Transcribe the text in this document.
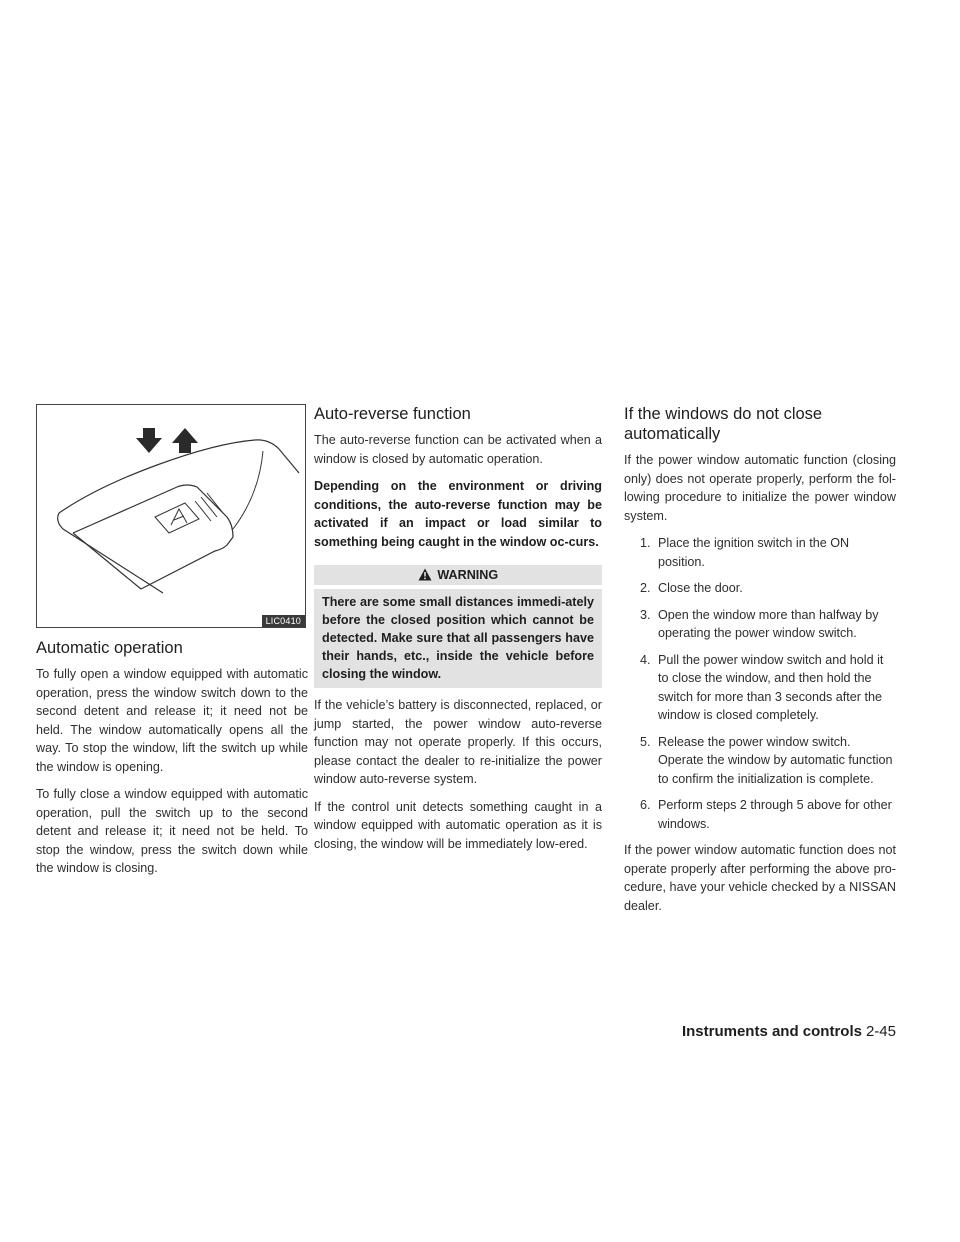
LIC0410
Automatic operation

To fully open a window equipped with automatic operation, press the window switch down to the second detent and release it; it need not be held. The window automatically opens all the way. To stop the window, lift the switch up while the window is opening.

To fully close a window equipped with automatic operation, pull the switch up to the second detent and release it; it need not be held. To stop the window, press the switch down while the window is closing.

Auto-reverse function

The auto-reverse function can be activated when a window is closed by automatic operation.

Depending on the environment or driving conditions, the auto-reverse function may be activated if an impact or load similar to something being caught in the window oc-curs.

WARNING
There are some small distances immedi-ately before the closed position which cannot be detected. Make sure that all passengers have their hands, etc., inside the vehicle before closing the window.

If the vehicle’s battery is disconnected, replaced, or jump started, the power window auto-reverse function may not operate properly. If this occurs, please contact the dealer to re-initialize the power window auto-reverse system.

If the control unit detects something caught in a window equipped with automatic operation as it is closing, the window will be immediately low-ered.

If the windows do not close automatically

If the power window automatic function (closing only) does not operate properly, perform the fol-lowing procedure to initialize the power window system.

1. Place the ignition switch in the ON position.
2. Close the door.
3. Open the window more than halfway by operating the power window switch.
4. Pull the power window switch and hold it to close the window, and then hold the switch for more than 3 seconds after the window is closed completely.
5. Release the power window switch. Operate the window by automatic function to confirm the initialization is complete.
6. Perform steps 2 through 5 above for other windows.

If the power window automatic function does not operate properly after performing the above pro-cedure, have your vehicle checked by a NISSAN dealer.

Instruments and controls 2-45
